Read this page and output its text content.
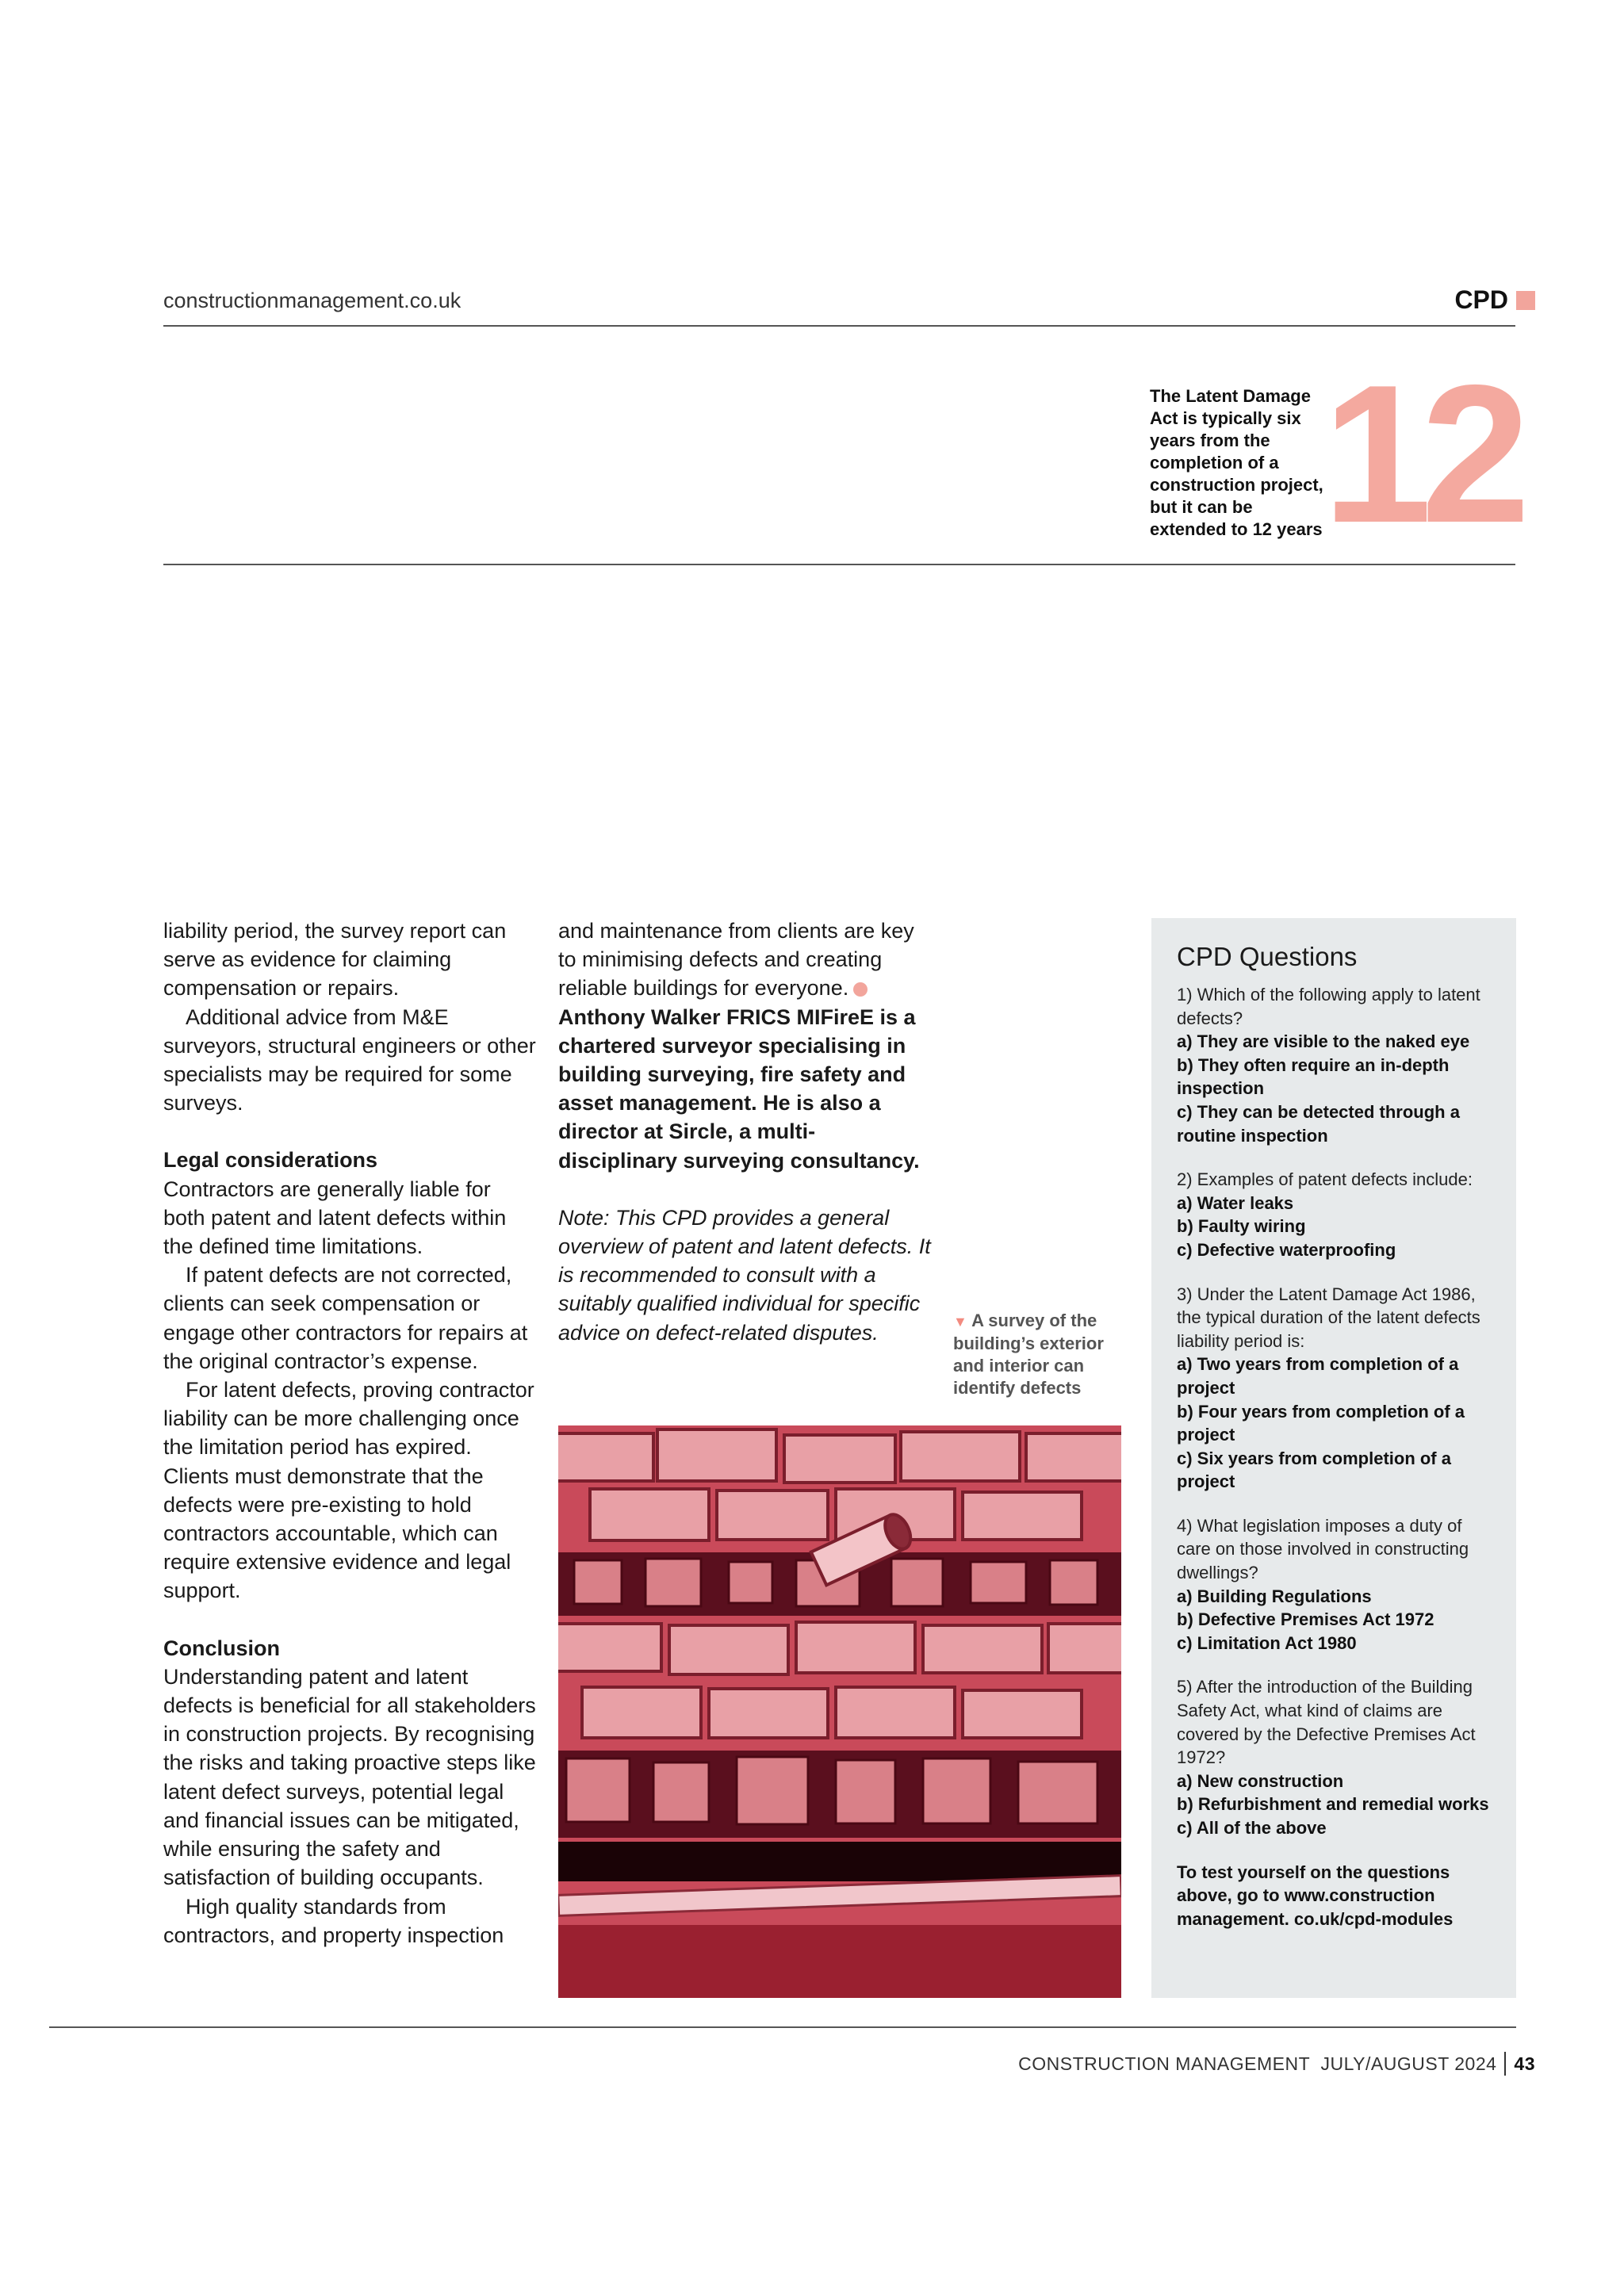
constructionmanagement.co.uk	CPD
The Latent Damage Act is typically six years from the completion of a construction project, but it can be extended to 12 years 12

liability period, the survey report can serve as evidence for claiming compensation or repairs.

Additional advice from M&E surveyors, structural engineers or other specialists may be required for some surveys.

Legal considerations

Contractors are generally liable for both patent and latent defects within the defined time limitations.

If patent defects are not corrected, clients can seek compensation or engage other contractors for repairs at the original contractor’s expense.

For latent defects, proving contractor liability can be more challenging once the limitation period has expired. Clients must demonstrate that the defects were pre-existing to hold contractors accountable, which can require extensive evidence and legal support.

Conclusion

Understanding patent and latent defects is beneficial for all stakeholders in construction projects. By recognising the risks and taking proactive steps like latent defect surveys, potential legal and financial issues can be mitigated, while ensuring the safety and satisfaction of building occupants.

High quality standards from contractors, and property inspection

and maintenance from clients are key to minimising defects and creating reliable buildings for everyone.

Anthony Walker FRICS MIFireE is a chartered surveyor specialising in building surveying, fire safety and asset management. He is also a director at Sircle, a multi-disciplinary surveying consultancy.

Note: This CPD provides a general overview of patent and latent defects. It is recommended to consult with a suitably qualified individual for specific advice on defect-related disputes.	▼ A survey of the building’s exterior and interior can identify defects
CPD Questions
1) Which of the following apply to latent defects?
a) They are visible to the naked eye
b) They often require an in-depth inspection
c) They can be detected through a routine inspection
2) Examples of patent defects include:
a) Water leaks
b) Faulty wiring
c) Defective waterproofing
3) Under the Latent Damage Act 1986, the typical duration of the latent defects liability period is:
a) Two years from completion of a project
b) Four years from completion of a project
c) Six years from completion of a project
4) What legislation imposes a duty of care on those involved in constructing dwellings?
a) Building Regulations
b) Defective Premises Act 1972
c) Limitation Act 1980
5) After the introduction of the Building Safety Act, what kind of claims are covered by the Defective Premises Act 1972?
a) New construction
b) Refurbishment and remedial works
c) All of the above
To test yourself on the questions above, go to www.construction management. co.uk/cpd-modules
CONSTRUCTION MANAGEMENT  JULY/AUGUST 2024 43
